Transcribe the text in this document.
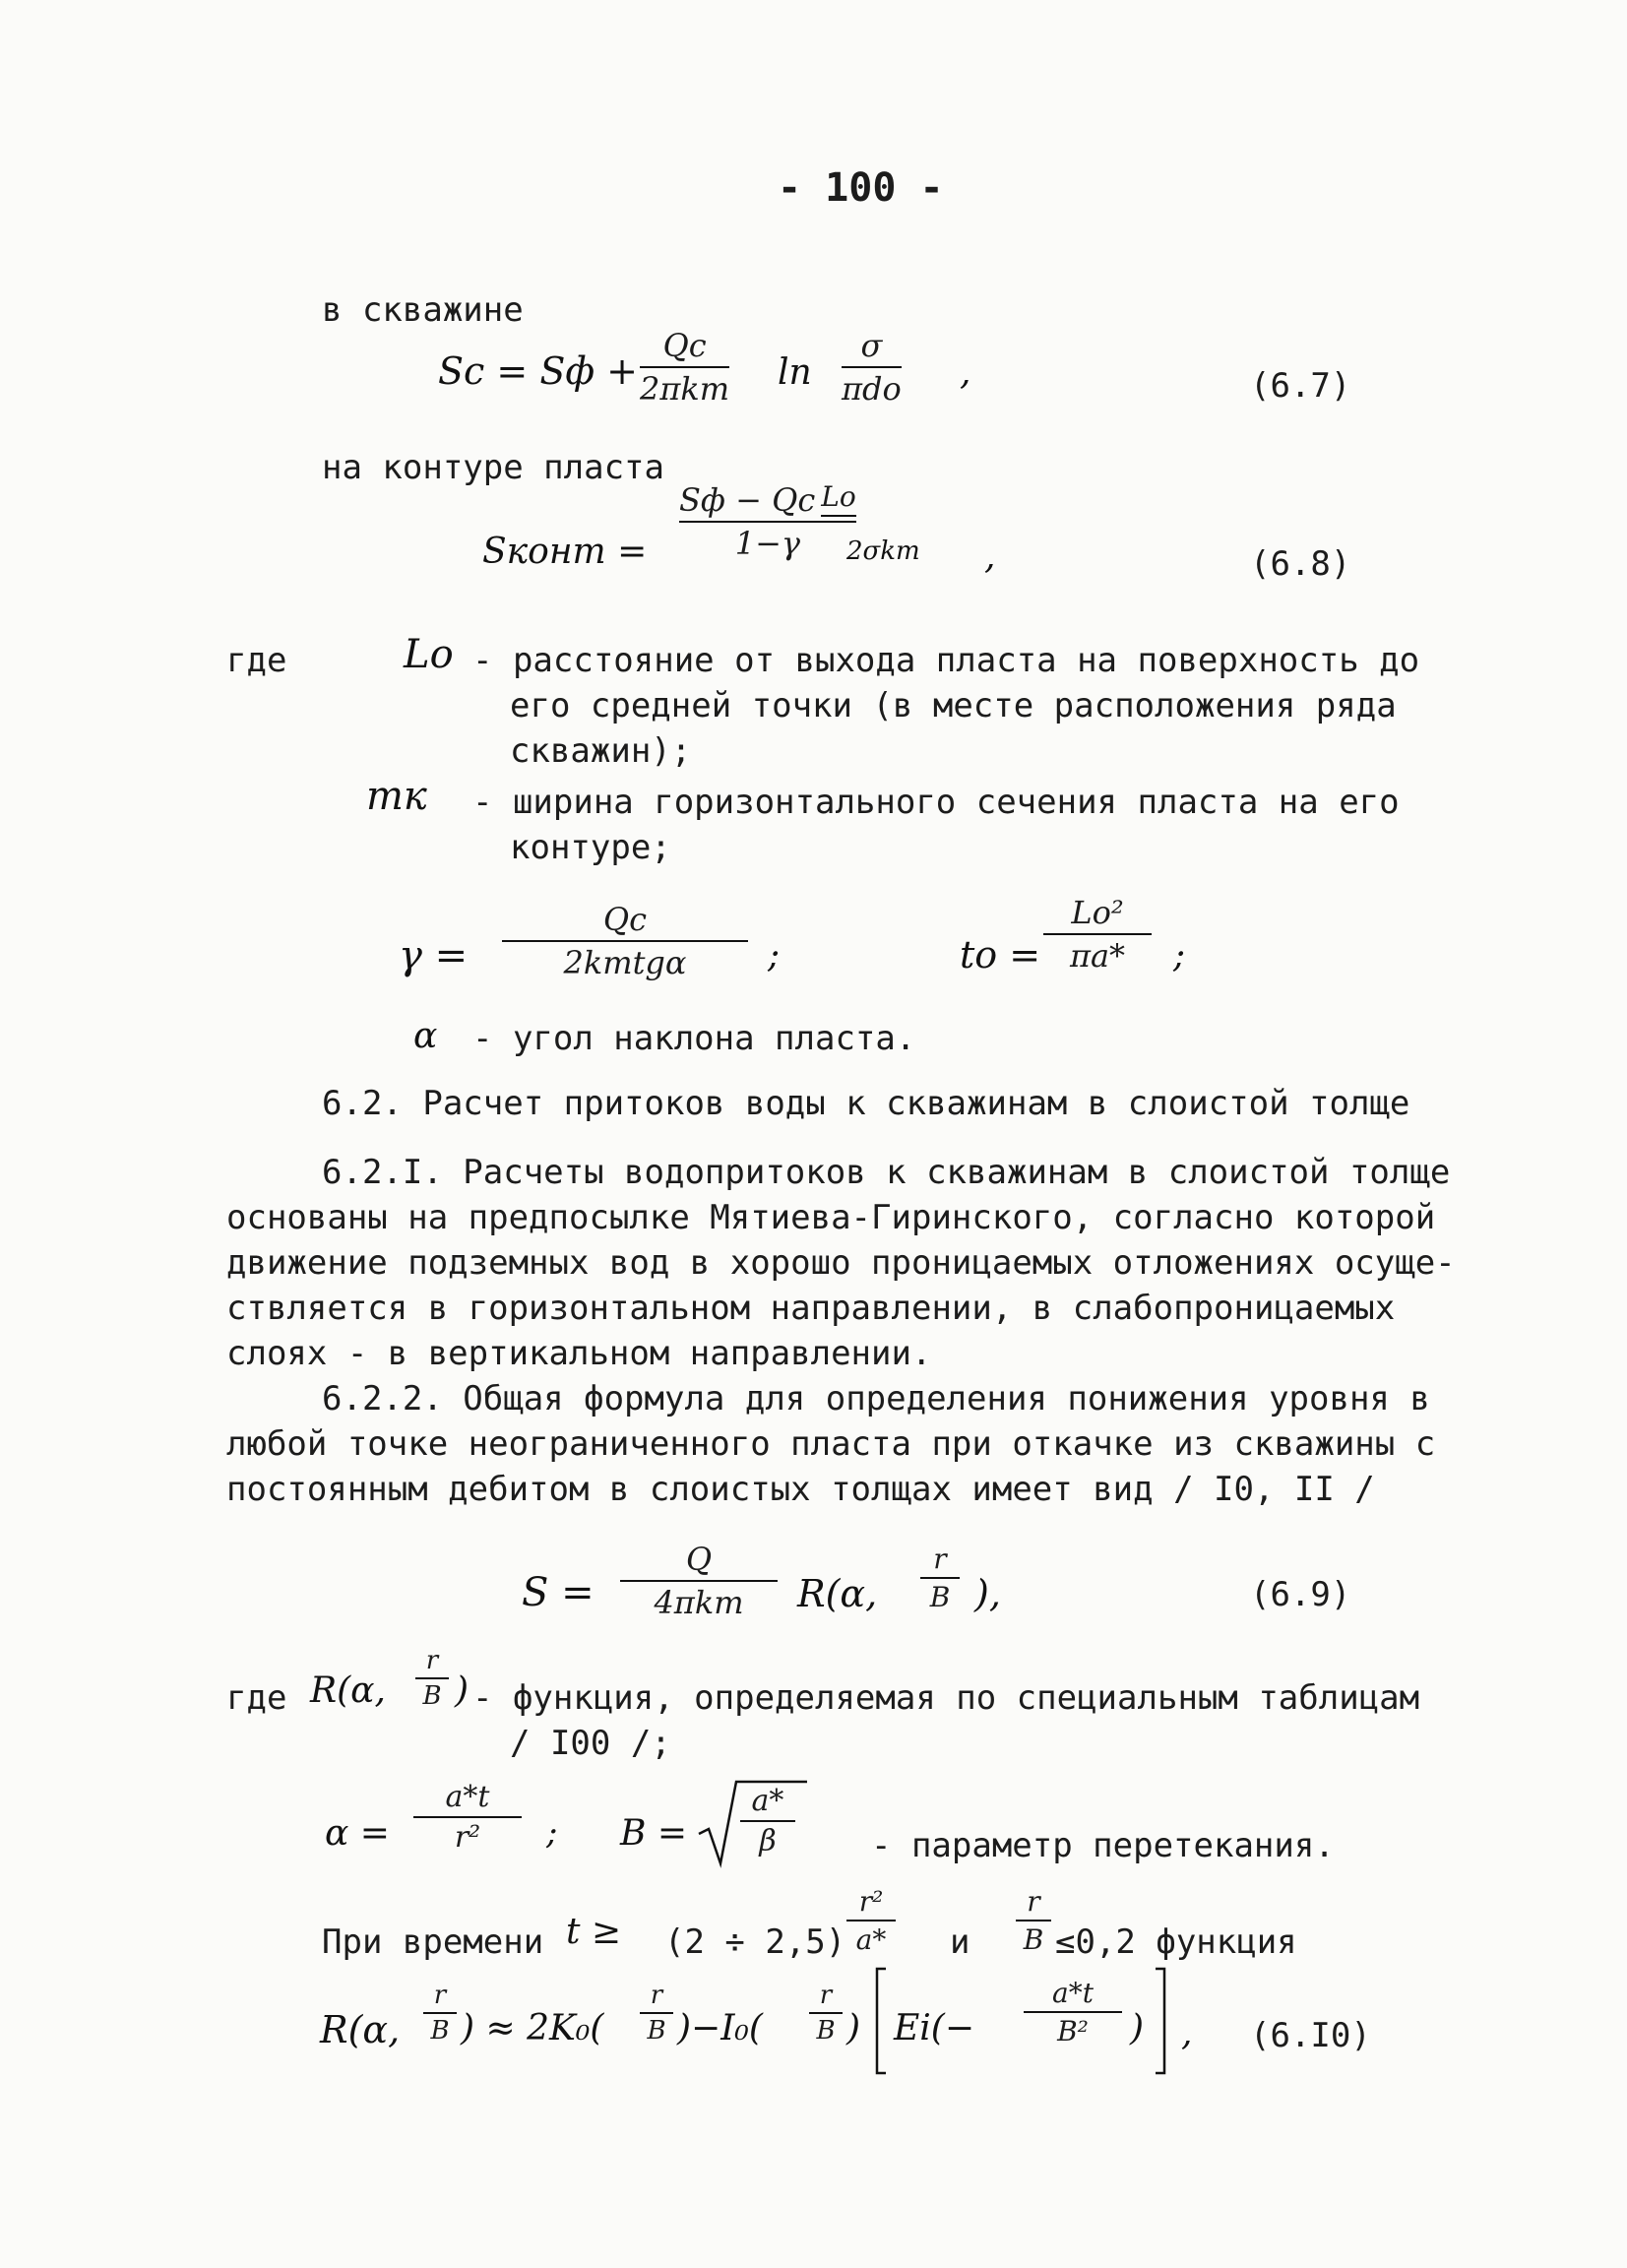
- 100 -
в скважине
Sc = Sф +
Qc
2πkm ln
σ
πdo ,	(6.7)
на контуре пласта
Sконт =
Sф − Qc Lo
1−γ	,	(6.8)
2σkm
где	Lo - расстояние от выхода пласта на поверхность до
его средней точки (в месте расположения ряда
скважин);
mк - ширина горизонтального сечения пласта на его
контуре;
γ =
Qc
2kmtgα ;	to =
Lo²
πa* ;
α - угол наклона пласта.
6.2. Расчет притоков воды к скважинам в слоистой толще
6.2.I. Расчеты водопритоков к скважинам в слоистой толще
основаны на предпосылке Мятиева-Гиринского, согласно которой
движение подземных вод в хорошо проницаемых отложениях осуще-
ствляется в горизонтальном направлении, в слабопроницаемых
слоях - в вертикальном направлении.
6.2.2. Общая формула для определения понижения уровня в
любой точке неограниченного пласта при откачке из скважины с
постоянным дебитом в слоистых толщах имеет вид / I0, II /
S =
Q
4πkm R(α,
r
B ),	(6.9)
где R(α,
r
B ) - функция, определяемая по специальным таблицам
/ I00 /;
α =
a*t
r² ; B =
a*
β	- параметр перетекания.
При времени t ≥ (2 ÷ 2,5)
r²
a* и
r
B ≤0,2 функция
R(α,
r
B ) ≈ 2K₀(
r
B )−I₀(
r
B ) Ei(−
a*t
B² ) , (6.I0)
